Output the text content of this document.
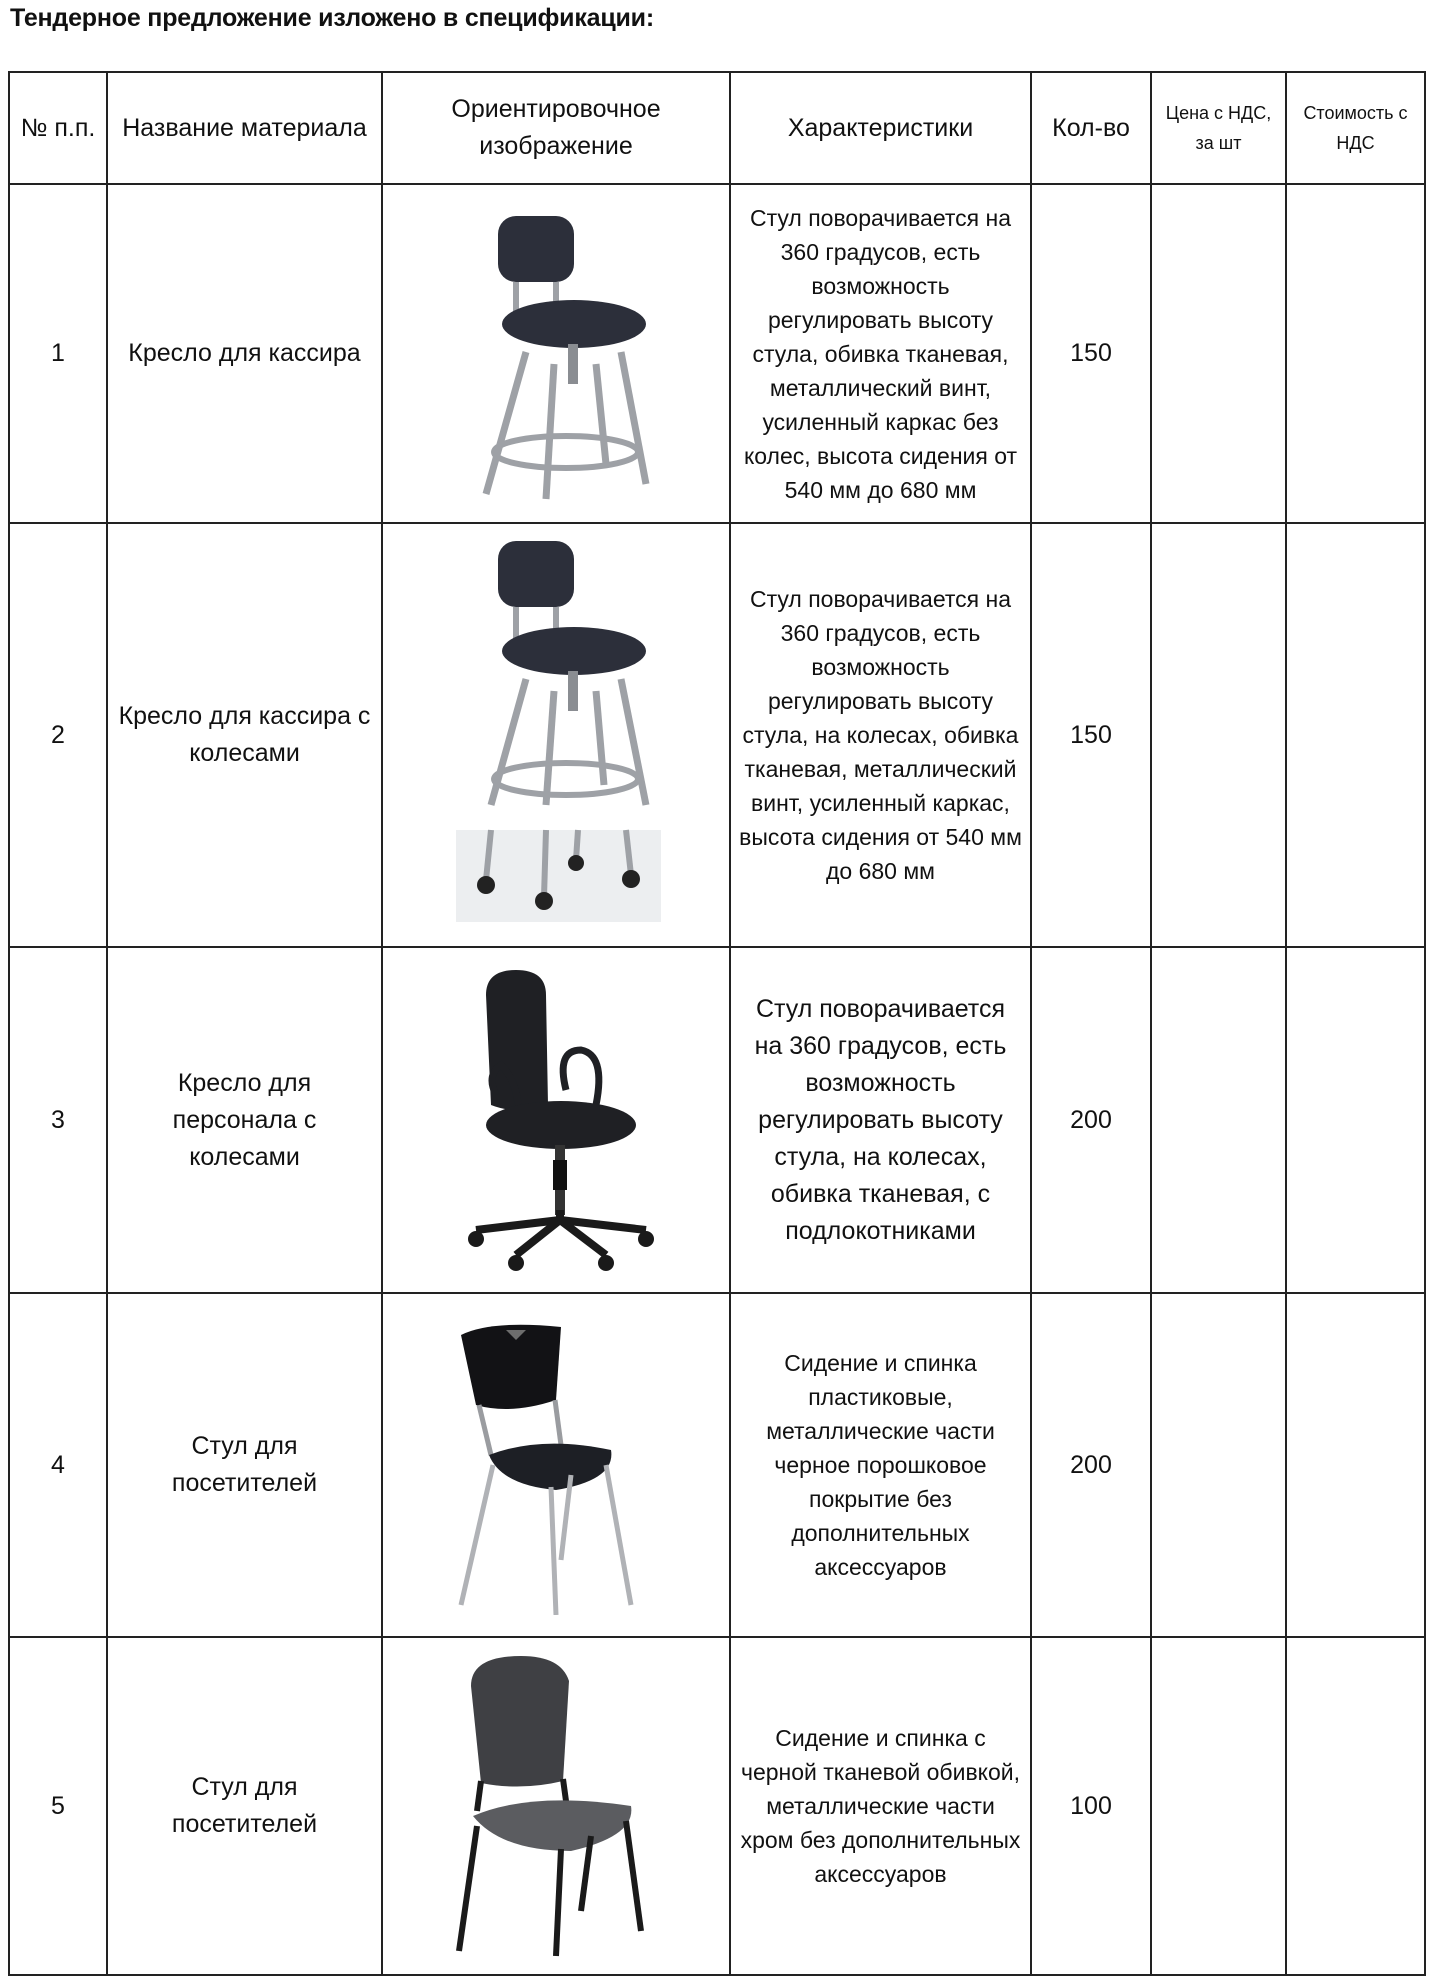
Тендерное предложение изложено в спецификации:
№ п.п.	Название материала	Ориентировочное изображение	Характеристики	Кол-во	Цена с НДС, за шт	Стоимость с НДС
1	Кресло для кассира		Стул поворачивается на 360 градусов, есть возможность регулировать высоту стула, обивка тканевая, металлический винт, усиленный каркас без колес, высота сидения от 540 мм до 680 мм	150		
2	Кресло для кассира с колесами		Стул поворачивается на 360 градусов, есть возможность регулировать высоту стула, на колесах, обивка тканевая, металлический винт, усиленный каркас, высота сидения от 540 мм до 680 мм	150		
3	Кресло для персонала с колесами		Стул поворачивается на 360 градусов, есть возможность регулировать высоту стула, на колесах, обивка тканевая, с подлокотниками	200		
4	Стул для посетителей		Сидение и спинка пластиковые, металлические части черное порошковое покрытие без дополнительных аксессуаров	200		
5	Стул для посетителей		Сидение и спинка с черной тканевой обивкой, металлические части хром без дополнительных аксессуаров	100		
